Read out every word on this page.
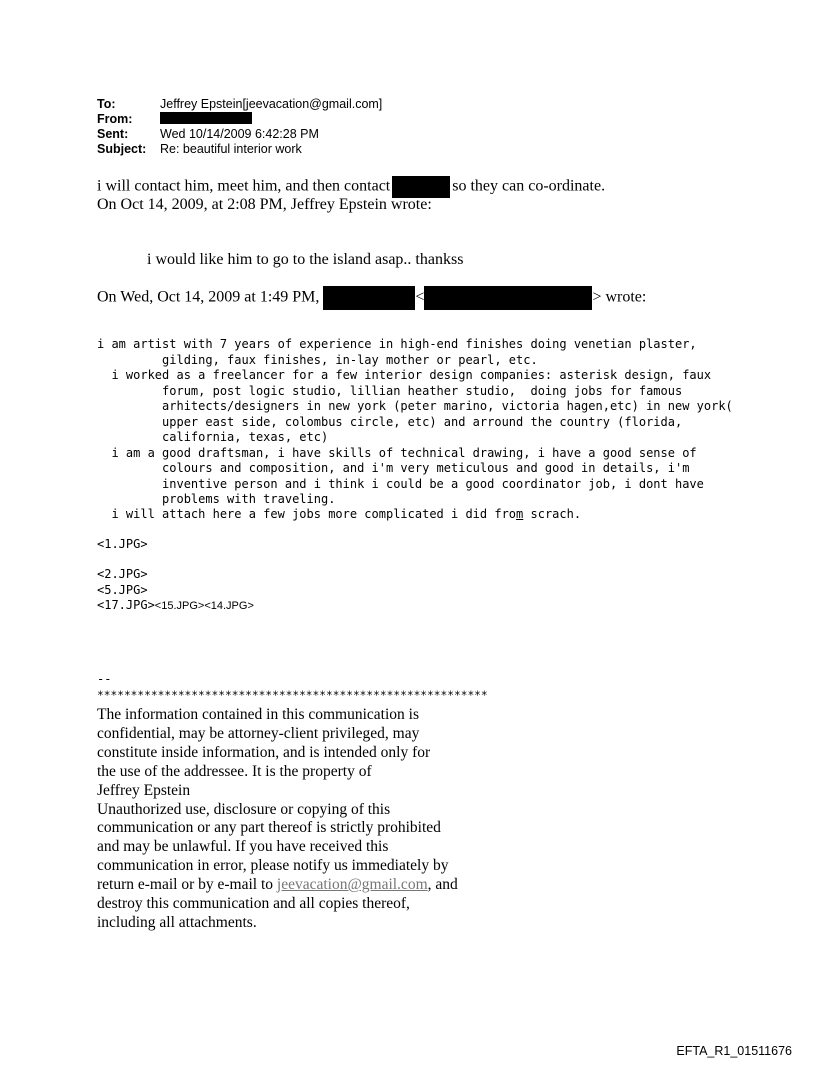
To:	Jeffrey Epstein[jeevacation@gmail.com]
From:
Sent:	Wed 10/14/2009 6:42:28 PM
Subject:	Re: beautiful interior work
i will contact him, meet him, and then contact	so they can co-ordinate.
On Oct 14, 2009, at 2:08 PM, Jeffrey Epstein wrote:
i would like him to go to the island asap.. thankss
On Wed, Oct 14, 2009 at 1:49 PM,	<	> wrote:
i am artist with 7 years of experience in high-end finishes doing venetian plaster,
gilding, faux finishes, in-lay mother or pearl, etc.
i worked as a freelancer for a few interior design companies: asterisk design, faux
forum, post logic studio, lillian heather studio,  doing jobs for famous
arhitects/designers in new york (peter marino, victoria hagen,etc) in new york(
upper east side, colombus circle, etc) and arround the country (florida,
california, texas, etc)
i am a good draftsman, i have skills of technical drawing, i have a good sense of
colours and composition, and i'm very meticulous and good in details, i'm
inventive person and i think i could be a good coordinator job, i dont have
problems with traveling.
i will attach here a few jobs more complicated i did from scrach.
<1.JPG>
<2.JPG>
<5.JPG>
<17.JPG><15.JPG><14.JPG>
--
**********************************************************
The information contained in this communication is
confidential, may be attorney-client privileged, may
constitute inside information, and is intended only for
the use of the addressee. It is the property of
Jeffrey Epstein
Unauthorized use, disclosure or copying of this
communication or any part thereof is strictly prohibited
and may be unlawful. If you have received this
communication in error, please notify us immediately by
return e-mail or by e-mail to jeevacation@gmail.com, and
destroy this communication and all copies thereof,
including all attachments.
EFTA_R1_01511676
